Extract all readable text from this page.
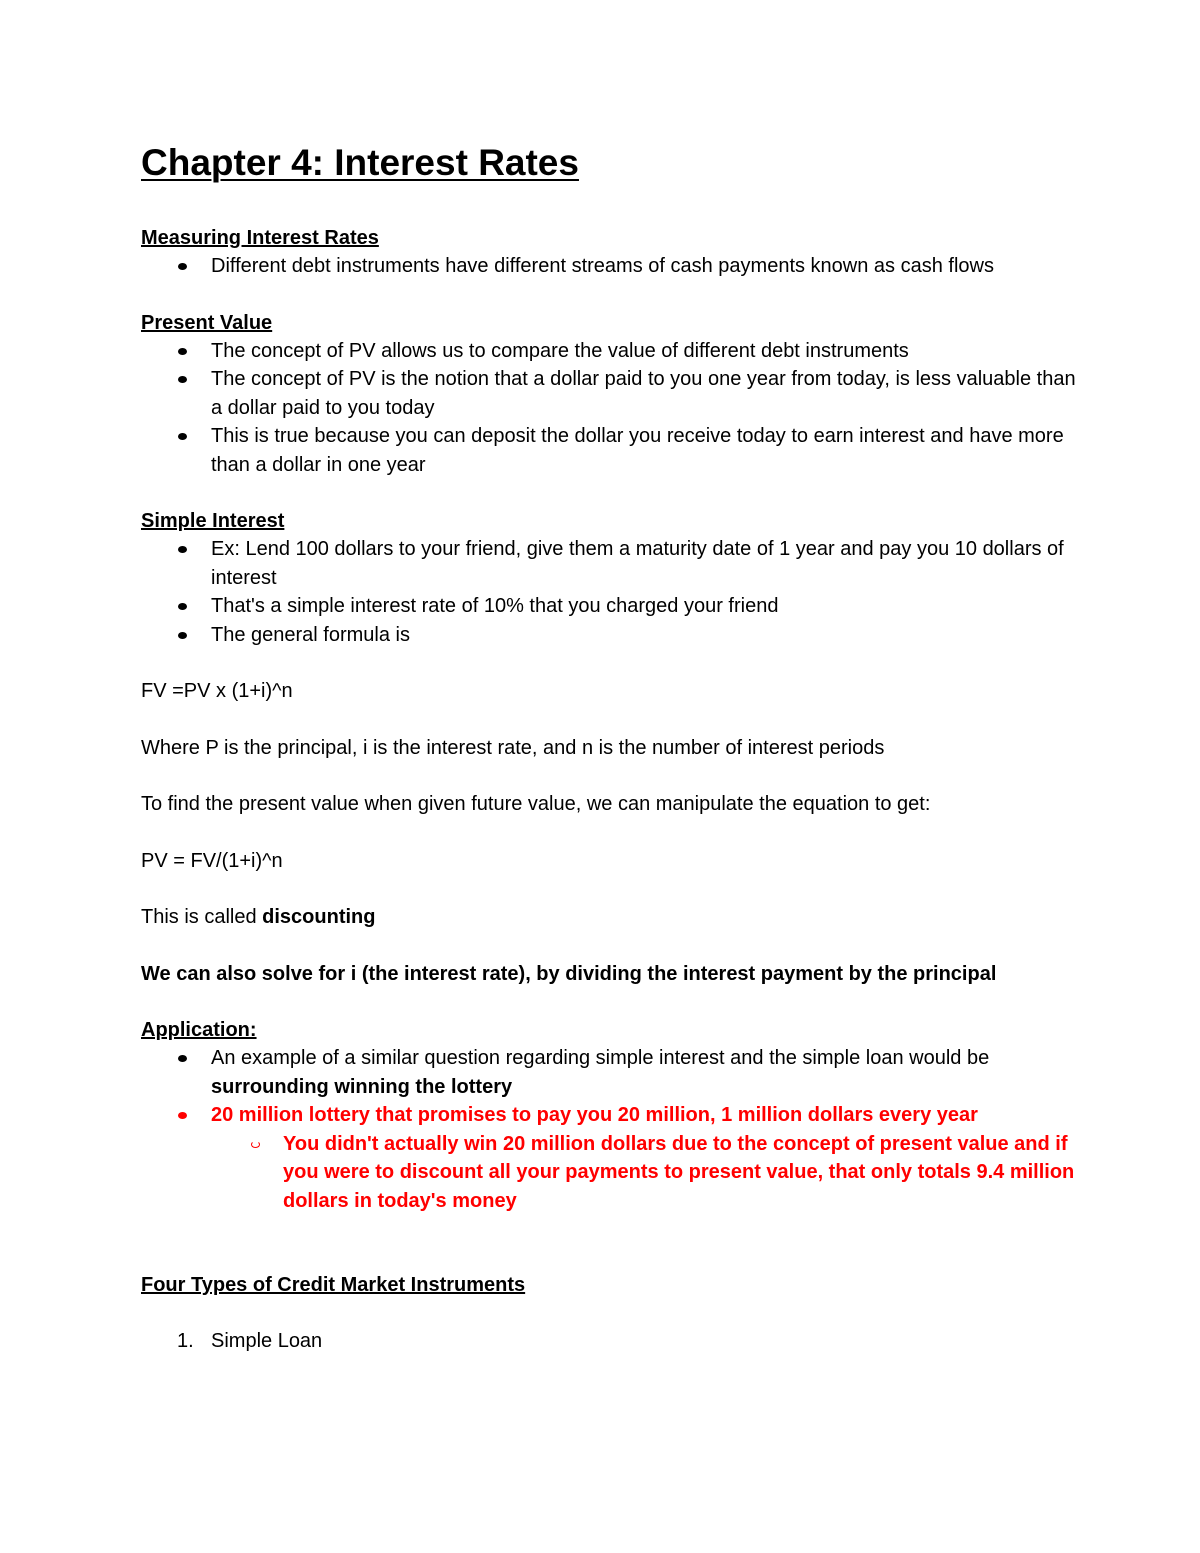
Chapter 4: Interest Rates
Measuring Interest Rates
Different debt instruments have different streams of cash payments known as cash flows
Present Value
The concept of PV allows us to compare the value of different debt instruments
The concept of PV is the notion that a dollar paid to you one year from today, is less valuable than a dollar paid to you today
This is true because you can deposit the dollar you receive today to earn interest and have more than a dollar in one year
Simple Interest
Ex: Lend 100 dollars to your friend, give them a maturity date of 1 year and pay you 10 dollars of interest
That's a simple interest rate of 10% that you charged your friend
The general formula is

FV =PV x (1+i)^n

Where P is the principal, i is the interest rate, and n is the number of interest periods

To find the present value when given future value, we can manipulate the equation to get:

PV = FV/(1+i)^n

This is called discounting

We can also solve for i (the interest rate), by dividing the interest payment by the principal

Application:
An example of a similar question regarding simple interest and the simple loan would be surrounding winning the lottery
20 million lottery that promises to pay you 20 million, 1 million dollars every year
You didn't actually win 20 million dollars due to the concept of present value and if you were to discount all your payments to present value, that only totals 9.4 million dollars in today's money
Four Types of Credit Market Instruments
1. Simple Loan
